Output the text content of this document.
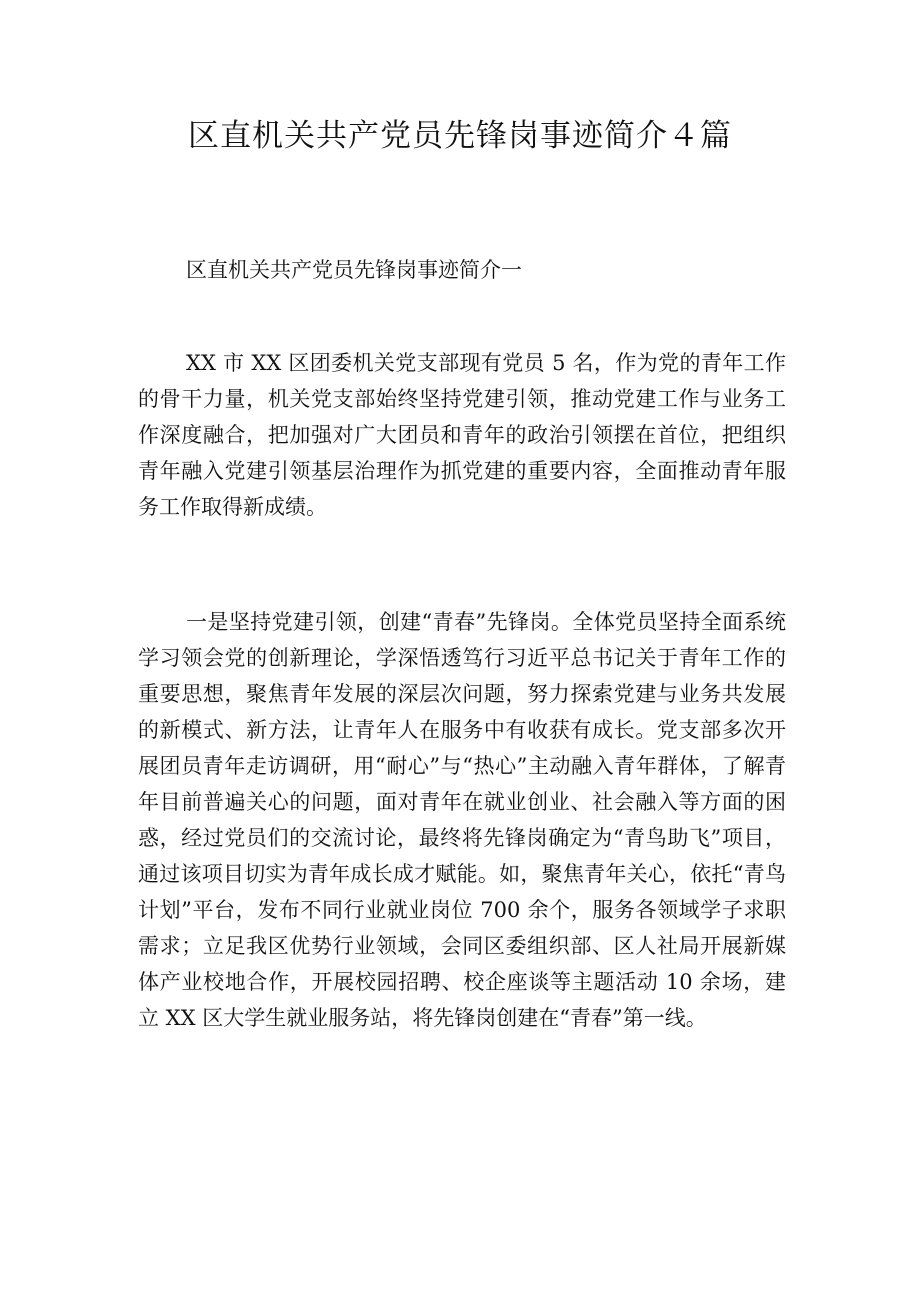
区直机关共产党员先锋岗事迹简介４篇

区直机关共产党员先锋岗事迹简介一

XX 市 XX 区团委机关党支部现有党员 5 名，作为党的青年工作的骨干力量，机关党支部始终坚持党建引领，推动党建工作与业务工作深度融合，把加强对广大团员和青年的政治引领摆在首位，把组织青年融入党建引领基层治理作为抓党建的重要内容，全面推动青年服务工作取得新成绩。

一是坚持党建引领，创建“青春”先锋岗。全体党员坚持全面系统学习领会党的创新理论，学深悟透笃行习近平总书记关于青年工作的重要思想，聚焦青年发展的深层次问题，努力探索党建与业务共发展的新模式、新方法，让青年人在服务中有收获有成长。党支部多次开展团员青年走访调研，用“耐心”与“热心”主动融入青年群体，了解青年目前普遍关心的问题，面对青年在就业创业、社会融入等方面的困惑，经过党员们的交流讨论，最终将先锋岗确定为“青鸟助飞”项目，通过该项目切实为青年成长成才赋能。如，聚焦青年关心，依托“青鸟计划”平台，发布不同行业就业岗位 700 余个，服务各领域学子求职需求；立足我区优势行业领域，会同区委组织部、区人社局开展新媒体产业校地合作，开展校园招聘、校企座谈等主题活动 10 余场，建立 XX 区大学生就业服务站，将先锋岗创建在“青春”第一线。
